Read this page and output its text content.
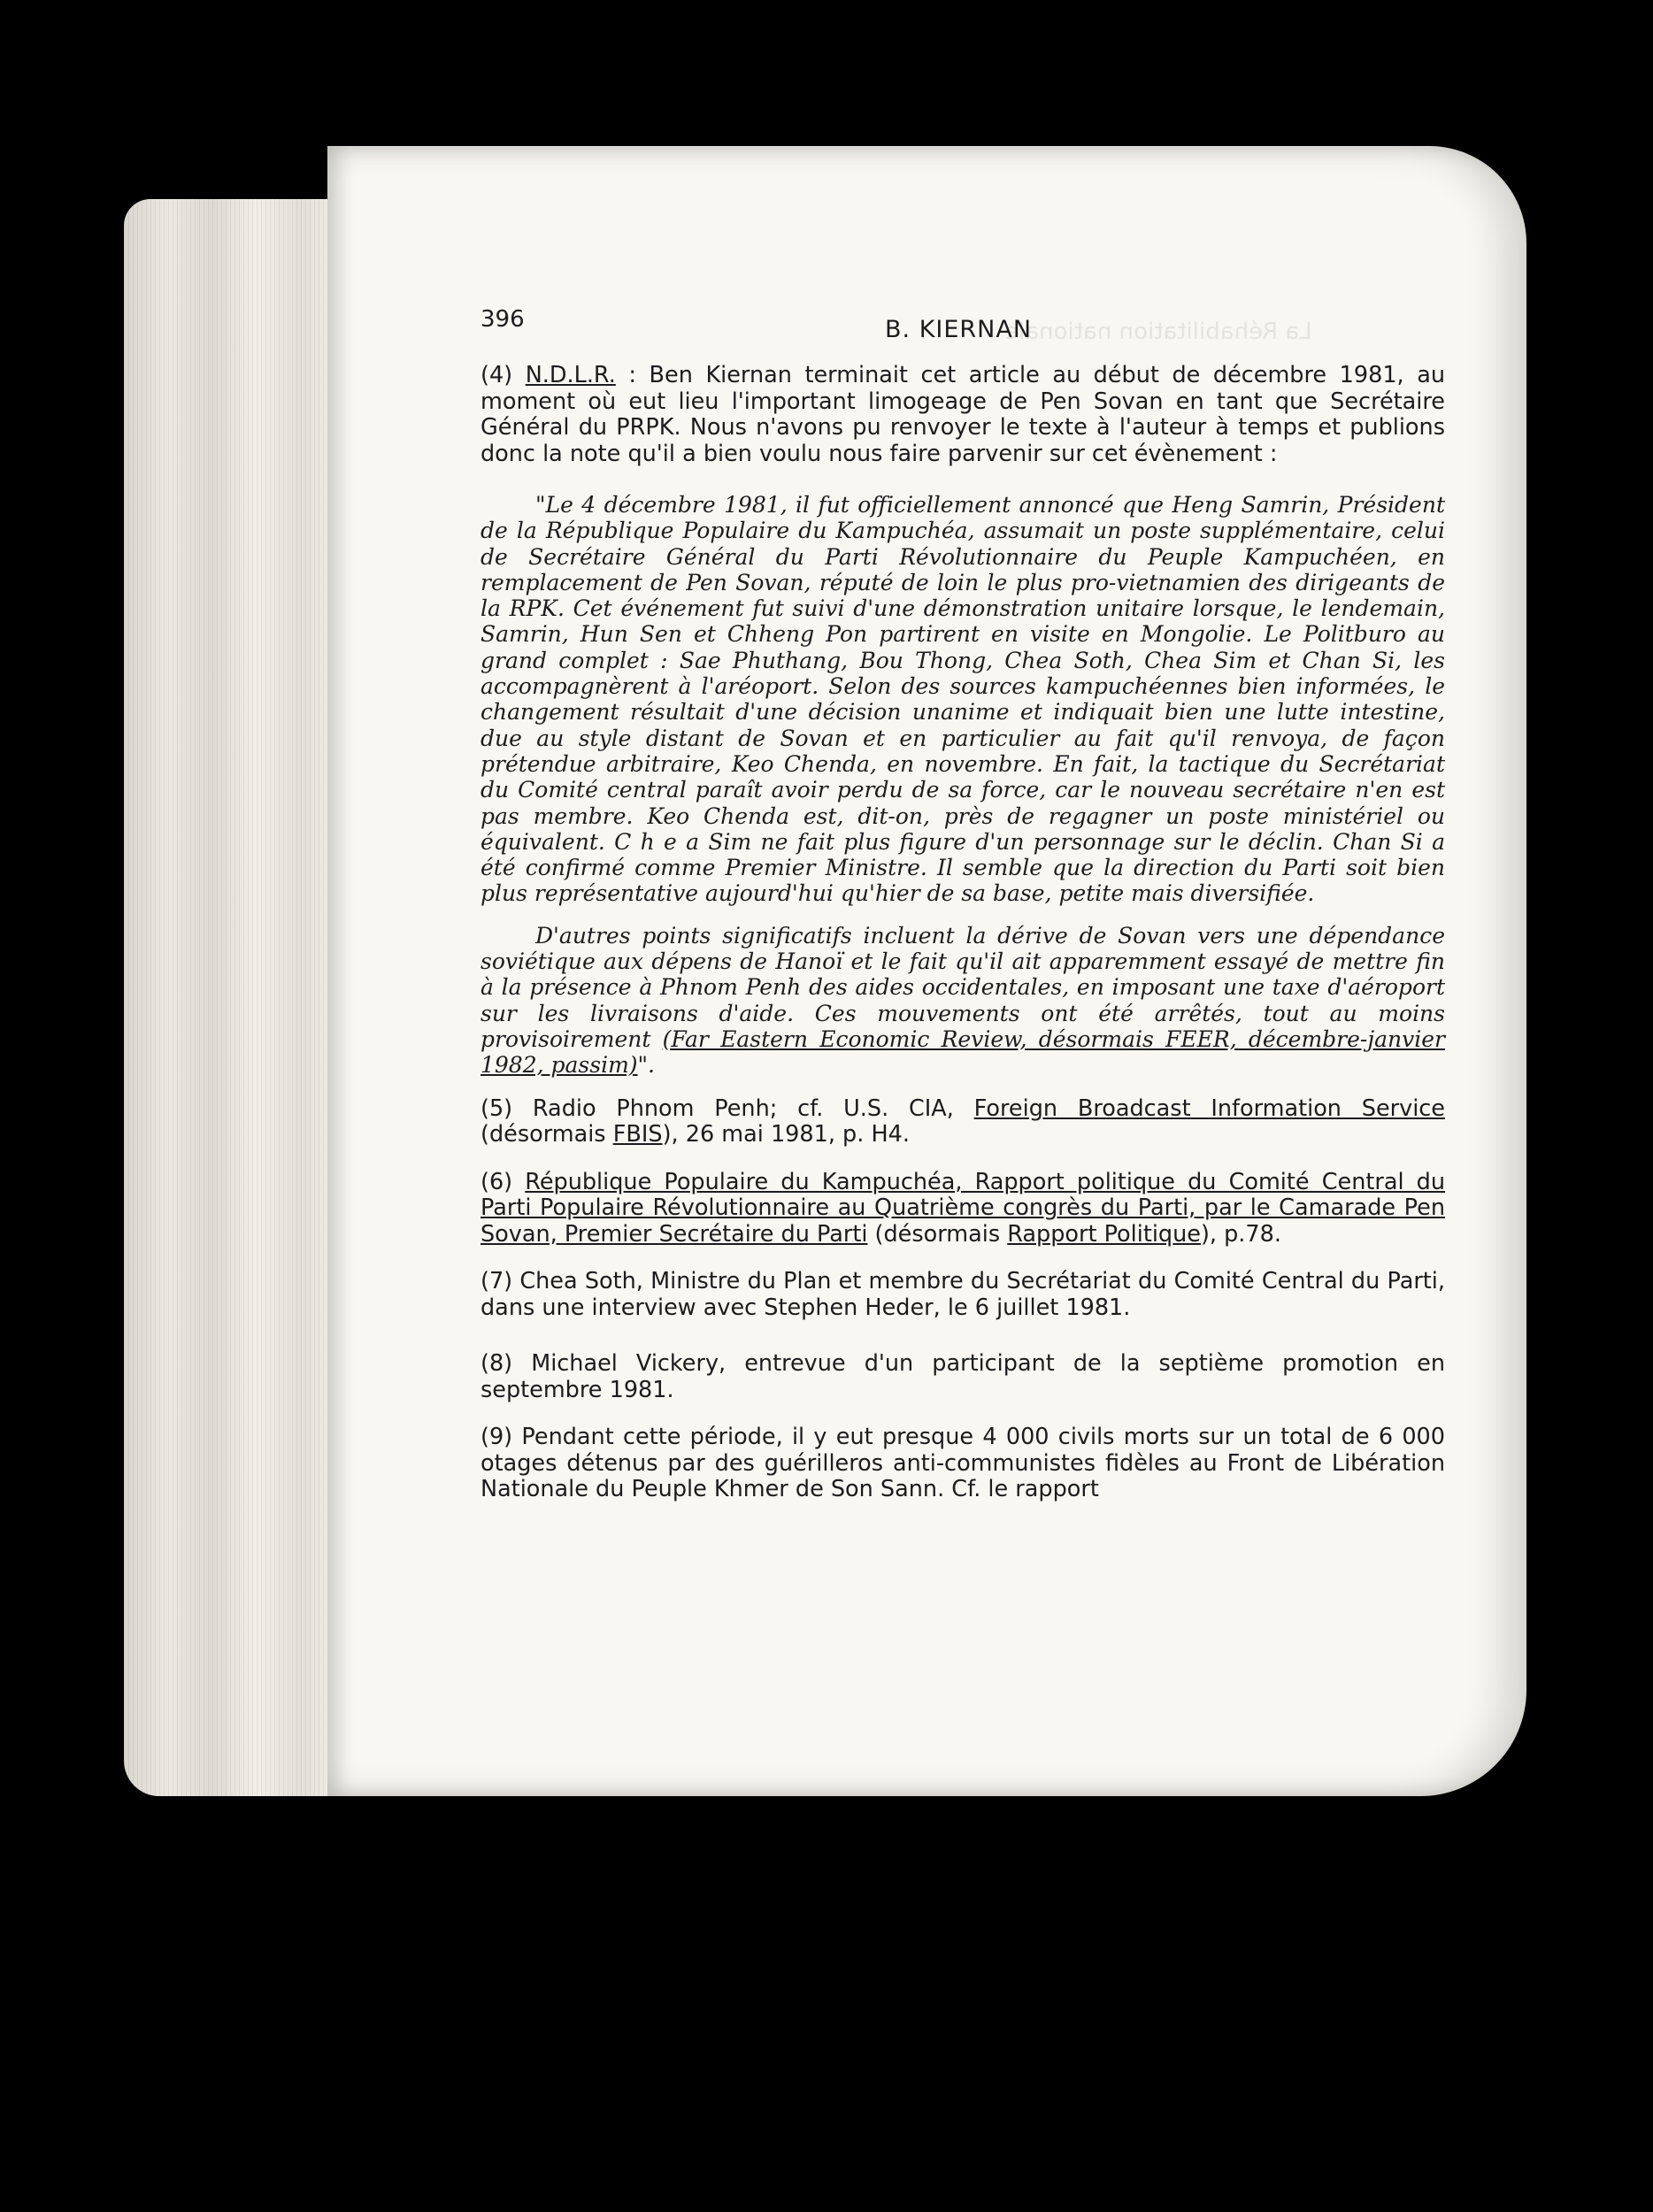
La Réhabilitation nationale
396	B. KIERNAN

(4) N.D.L.R. : Ben Kiernan terminait cet article au début de décembre 1981, au moment où eut lieu l'important limogeage de Pen Sovan en tant que Secrétaire Général du PRPK. Nous n'avons pu renvoyer le texte à l'auteur à temps et publions donc la note qu'il a bien voulu nous faire parvenir sur cet évènement :

"Le 4 décembre 1981, il fut officiellement annoncé que Heng Samrin, Président de la République Populaire du Kampuchéa, assumait un poste supplémentaire, celui de Secrétaire Général du Parti Révolutionnaire du Peuple Kampuchéen, en remplacement de Pen Sovan, réputé de loin le plus pro-vietnamien des dirigeants de la RPK. Cet événement fut suivi d'une démonstration unitaire lorsque, le lendemain, Samrin, Hun Sen et Chheng Pon partirent en visite en Mongolie. Le Politburo au grand complet : Sae Phuthang, Bou Thong, Chea Soth, Chea Sim et Chan Si, les accompagnèrent à l'aréoport. Selon des sources kampuchéennes bien informées, le changement résultait d'une décision unanime et indiquait bien une lutte intestine, due au style distant de Sovan et en particulier au fait qu'il renvoya, de façon prétendue arbitraire, Keo Chenda, en novembre. En fait, la tactique du Secrétariat du Comité central paraît avoir perdu de sa force, car le nouveau secrétaire n'en est pas membre. Keo Chenda est, dit-on, près de regagner un poste ministériel ou équivalent. C h e a Sim ne fait plus figure d'un personnage sur le déclin. Chan Si a été confirmé comme Premier Ministre. Il semble que la direction du Parti soit bien plus représentative aujourd'hui qu'hier de sa base, petite mais diversifiée.

D'autres points significatifs incluent la dérive de Sovan vers une dépendance soviétique aux dépens de Hanoï et le fait qu'il ait apparemment essayé de mettre fin à la présence à Phnom Penh des aides occidentales, en imposant une taxe d'aéroport sur les livraisons d'aide. Ces mouvements ont été arrêtés, tout au moins provisoirement (Far Eastern Economic Review, désormais FEER, décembre-janvier 1982, passim)".

(5) Radio Phnom Penh; cf. U.S. CIA, Foreign Broadcast Information Service (désormais FBIS), 26 mai 1981, p. H4.

(6) République Populaire du Kampuchéa, Rapport politique du Comité Central du Parti Populaire Révolutionnaire au Quatrième congrès du Parti, par le Camarade Pen Sovan, Premier Secrétaire du Parti (désormais Rapport Politique), p.78.

(7) Chea Soth, Ministre du Plan et membre du Secrétariat du Comité Central du Parti, dans une interview avec Stephen Heder, le 6 juillet 1981.

(8) Michael Vickery, entrevue d'un participant de la septième promotion en septembre 1981.

(9) Pendant cette période, il y eut presque 4 000 civils morts sur un total de 6 000 otages détenus par des guérilleros anti-communistes fidèles au Front de Libération Nationale du Peuple Khmer de Son Sann. Cf. le rapport
